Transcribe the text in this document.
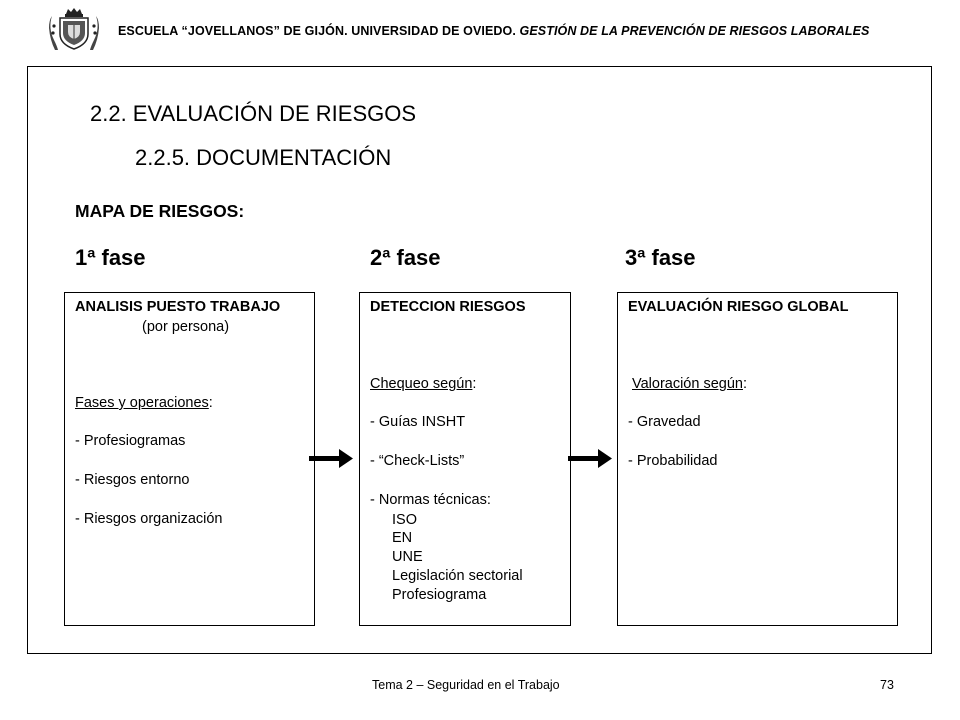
ESCUELA “JOVELLANOS” DE GIJÓN. UNIVERSIDAD DE OVIEDO. GESTIÓN DE LA PREVENCIÓN DE RIESGOS LABORALES
2.2. EVALUACIÓN DE RIESGOS
2.2.5. DOCUMENTACIÓN
MAPA DE RIESGOS:
1ª fase	2ª fase	3ª fase
ANALISIS PUESTO TRABAJO
(por persona)
Fases y operaciones:
- Profesiogramas
- Riesgos entorno
- Riesgos organización
DETECCION RIESGOS
Chequeo según:
- Guías INSHT
- “Check-Lists”
- Normas técnicas:
ISO
EN
UNE
Legislación sectorial
Profesiograma
EVALUACIÓN RIESGO GLOBAL
Valoración según:
- Gravedad
- Probabilidad
Tema 2 – Seguridad en el Trabajo	73
